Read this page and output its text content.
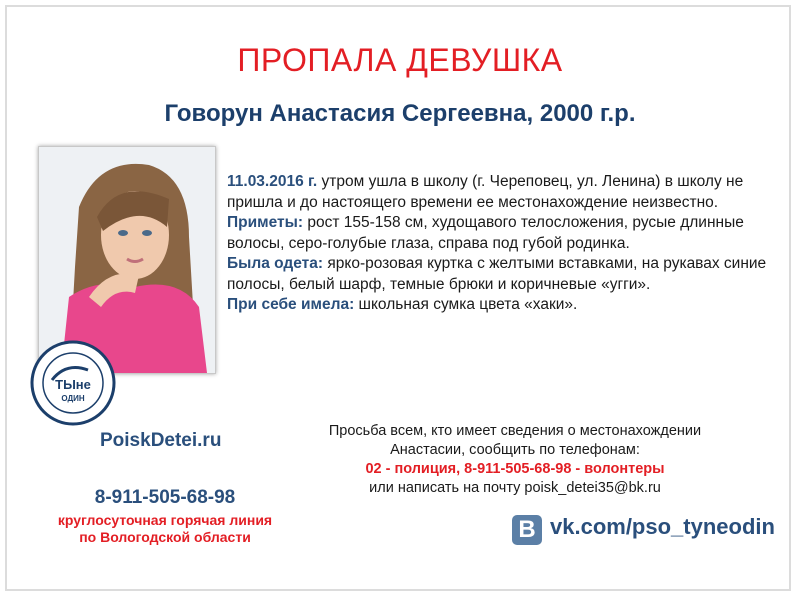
ПРОПАЛА ДЕВУШКА
Говорун Анастасия Сергеевна, 2000 г.р.
ТЫне
ОДИН

11.03.2016 г. утром ушла в школу (г. Череповец, ул. Ленина) в школу не пришла и до настоящего времени ее местонахождение неизвестно.

Приметы: рост 155-158 см, худощавого телосложения, русые длинные волосы, серо-голубые глаза, справа под губой родинка.

Была одета: ярко-розовая куртка с желтыми вставками, на рукавах синие полосы, белый шарф, темные брюки и коричневые «угги».

При себе имела: школьная сумка цвета «хаки».

PoiskDetei.ru
8-911-505-68-98
круглосуточная горячая линия
по Вологодской области
Просьба всем, кто имеет сведения о местонахождении
Анастасии, сообщить по телефонам:
02 - полиция, 8-911-505-68-98 - волонтеры
или написать на почту poisk_detei35@bk.ru
В vk.com/pso_tyneodin
